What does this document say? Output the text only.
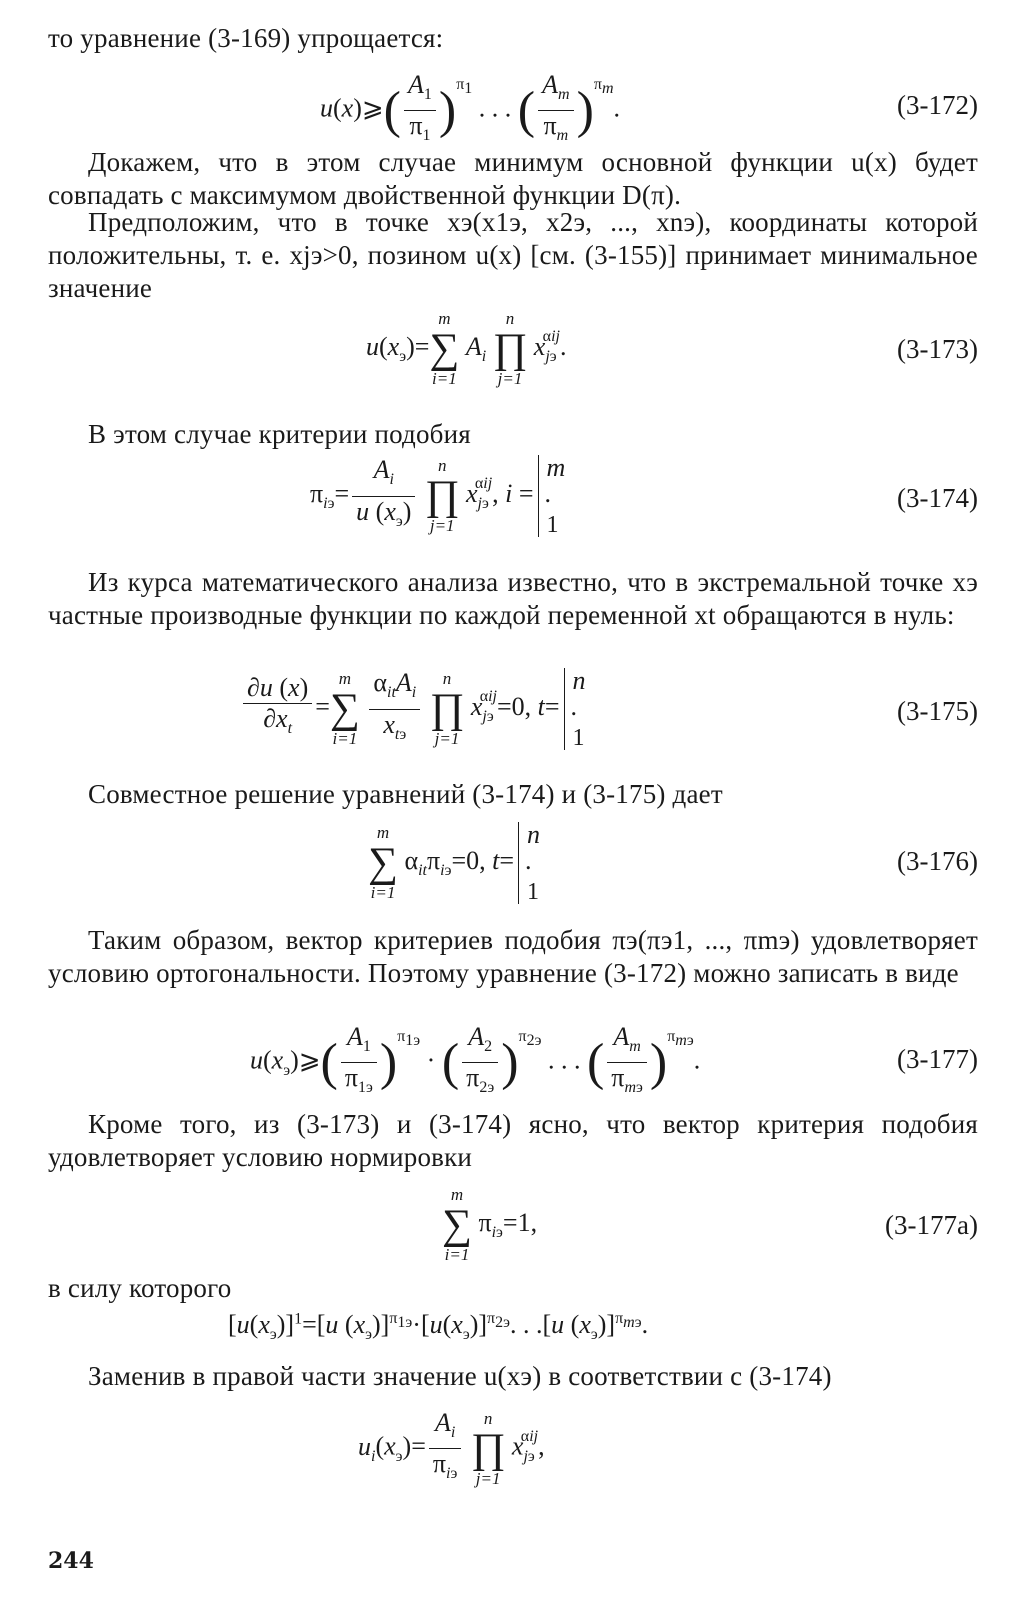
то уравнение (3-169) упрощается:
u(x)⩾( $\frac{A_1}{\pi_1} )^{\pi_1}$ . . . ( $\frac{A_m}{\pi_m} )^{\pi_m}$.	(3-172)
Докажем, что в этом случае минимум основной функции u(x) будет совпадать с максимумом двойственной функции D(π).
Предположим, что в точке xэ(x1э, x2э, ..., xnэ), координаты которой положительны, т. е. xjэ>0, позином u(x) [см. (3-155)] принимает минимальное значение
$u(x_э)=$
m
∑
i=1
$A_i$
n
∏
j=1
$x_{jэ}^{\alpha ij}$.	(3-173)
В этом случае критерии подобия
$\pi_{iэ}= \frac{A_i}{u (x_э)}$
	n
∏
j=1
$x_{jэ}^{\alpha ij}$, i =
m
1
.	(3-174)
Из курса математического анализа известно, что в экстремальной точке xэ частные производные функции по каждой переменной xt обращаются в нуль:
$\frac{\partial u (x)}{\partial x_t}$ =
m
∑
i=1
$\frac{\alpha_{it}A_i}{x_{tэ}}$
	n
∏
j=1
$x_{jэ}^{\alpha ij}=0$, t=
n
1
.	(3-175)
Совместное решение уравнений (3-174) и (3-175) дает
m
∑
i=1
$\alpha_{it}\pi_{iэ}=0$, t=
n
1
.	(3-176)
Таким образом, вектор критериев подобия πэ(πэ1, ..., πmэ) удовлетворяет условию ортогональности. Поэтому уравнение (3-172) можно записать в виде
$u(x_э)⩾( \frac{A_1}{\pi_{1э}} )^{\pi_{1э}}$ · ( $\frac{A_2}{\pi_{2э}} )^{\pi_{2э}}$ . . . ( $\frac{A_m}{\pi_{mэ}} )^{\pi_{mэ}}$.	(3-177)
Кроме того, из (3-173) и (3-174) ясно, что вектор критерия подобия удовлетворяет условию нормировки
m
∑
i=1
$\pi_{iэ}=1$,	(3-177а)
в силу которого
$[u(x_э)]^1=[u$ $(x_э)]^{\pi_{1э}}\cdot[u(x_э)]^{\pi_{2э}}$. . .[u $(x_э)]^{\pi_{mэ}}$.
Заменив в правой части значение u(xэ) в соответствии с (3-174)
$u_i(x_э)= \frac{A_i}{\pi_{iэ}}$
	n
∏
j=1
$x_{jэ}^{\alpha ij}$,
244
